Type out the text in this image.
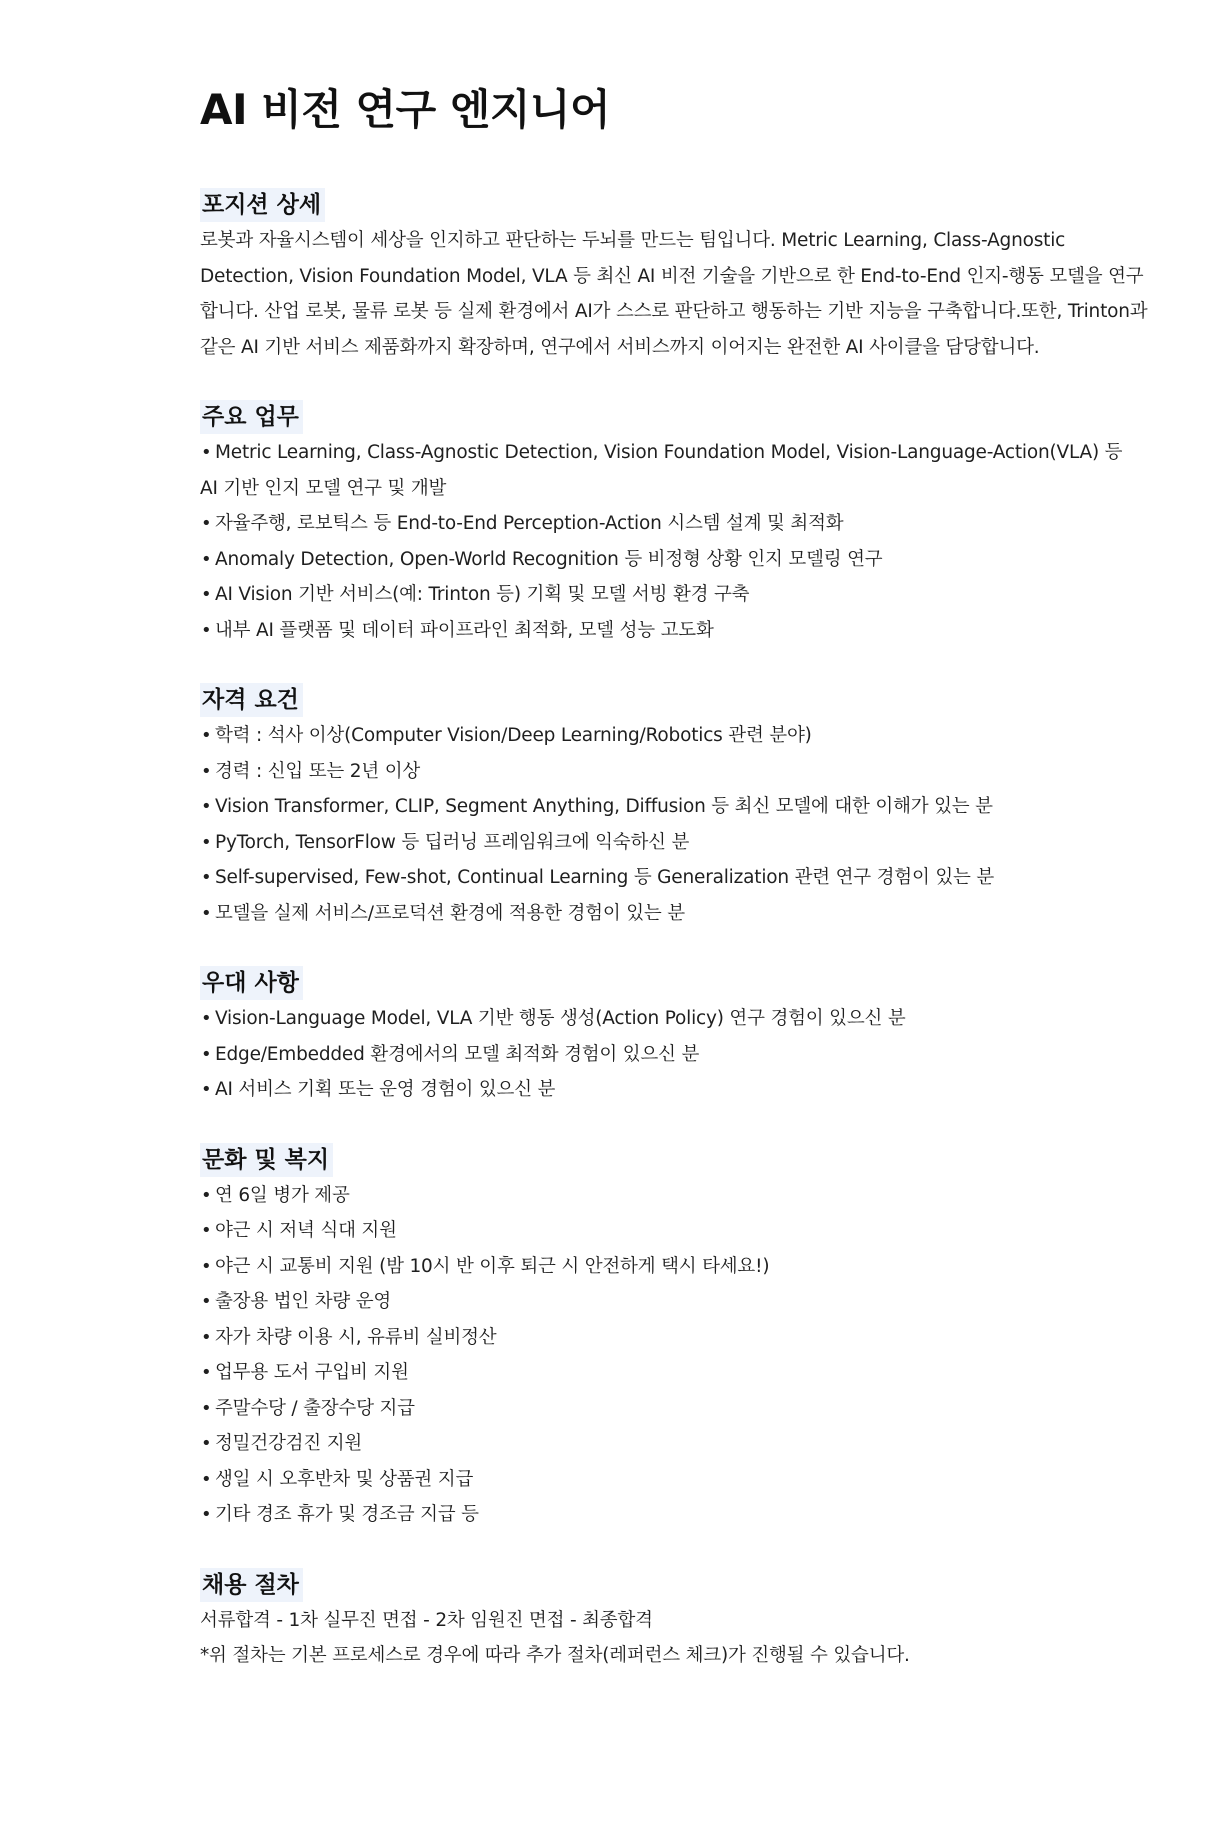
AI 비전 연구 엔지니어
포지션 상세

로봇과 자율시스템이 세상을 인지하고 판단하는 두뇌를 만드는 팀입니다. Metric Learning, Class-Agnostic

Detection, Vision Foundation Model, VLA 등 최신 AI 비전 기술을 기반으로 한 End-to-End 인지-행동 모델을 연구

합니다. 산업 로봇, 물류 로봇 등 실제 환경에서 AI가 스스로 판단하고 행동하는 기반 지능을 구축합니다.또한, Trinton과

같은 AI 기반 서비스 제품화까지 확장하며, 연구에서 서비스까지 이어지는 완전한 AI 사이클을 담당합니다.

주요 업무
• Metric Learning, Class-Agnostic Detection, Vision Foundation Model, Vision-Language-Action(VLA) 등
AI 기반 인지 모델 연구 및 개발
• 자율주행, 로보틱스 등 End-to-End Perception-Action 시스템 설계 및 최적화
• Anomaly Detection, Open-World Recognition 등 비정형 상황 인지 모델링 연구
• AI Vision 기반 서비스(예: Trinton 등) 기획 및 모델 서빙 환경 구축
• 내부 AI 플랫폼 및 데이터 파이프라인 최적화, 모델 성능 고도화
자격 요건
• 학력 : 석사 이상(Computer Vision/Deep Learning/Robotics 관련 분야)
• 경력 : 신입 또는 2년 이상
• Vision Transformer, CLIP, Segment Anything, Diffusion 등 최신 모델에 대한 이해가 있는 분
• PyTorch, TensorFlow 등 딥러닝 프레임워크에 익숙하신 분
• Self-supervised, Few-shot, Continual Learning 등 Generalization 관련 연구 경험이 있는 분
• 모델을 실제 서비스/프로덕션 환경에 적용한 경험이 있는 분
우대 사항
• Vision-Language Model, VLA 기반 행동 생성(Action Policy) 연구 경험이 있으신 분
• Edge/Embedded 환경에서의 모델 최적화 경험이 있으신 분
• AI 서비스 기획 또는 운영 경험이 있으신 분
문화 및 복지
• 연 6일 병가 제공
• 야근 시 저녁 식대 지원
• 야근 시 교통비 지원 (밤 10시 반 이후 퇴근 시 안전하게 택시 타세요!)
• 출장용 법인 차량 운영
• 자가 차량 이용 시, 유류비 실비정산
• 업무용 도서 구입비 지원
• 주말수당 / 출장수당 지급
• 정밀건강검진 지원
• 생일 시 오후반차 및 상품권 지급
• 기타 경조 휴가 및 경조금 지급 등
채용 절차

서류합격 - 1차 실무진 면접 - 2차 임원진 면접 - 최종합격

*위 절차는 기본 프로세스로 경우에 따라 추가 절차(레퍼런스 체크)가 진행될 수 있습니다.
